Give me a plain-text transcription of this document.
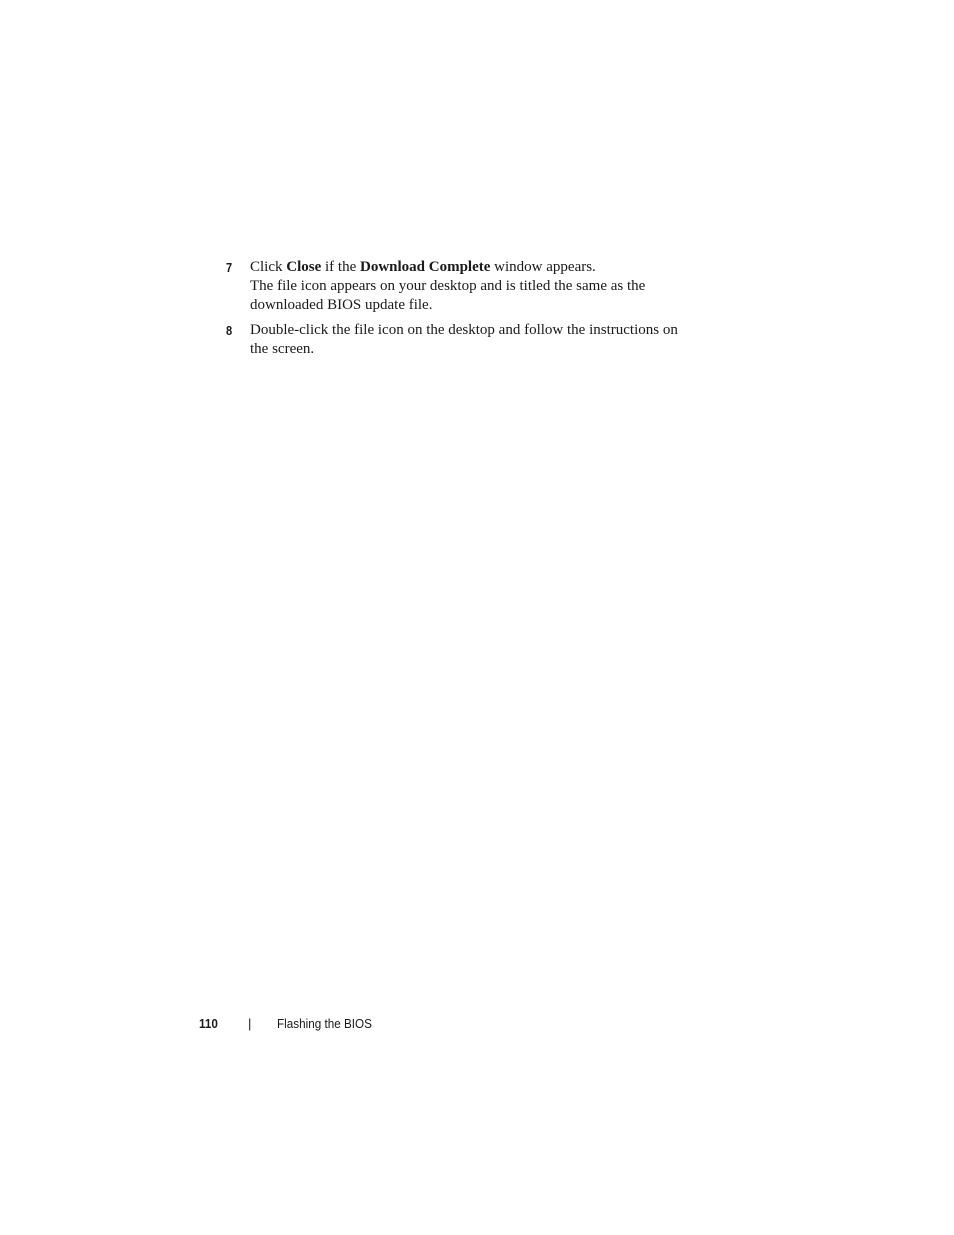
7 Click Close if the Download Complete window appears.
The file icon appears on your desktop and is titled the same as the
downloaded BIOS update file.
8 Double-click the file icon on the desktop and follow the instructions on
the screen.
110 | Flashing the BIOS
